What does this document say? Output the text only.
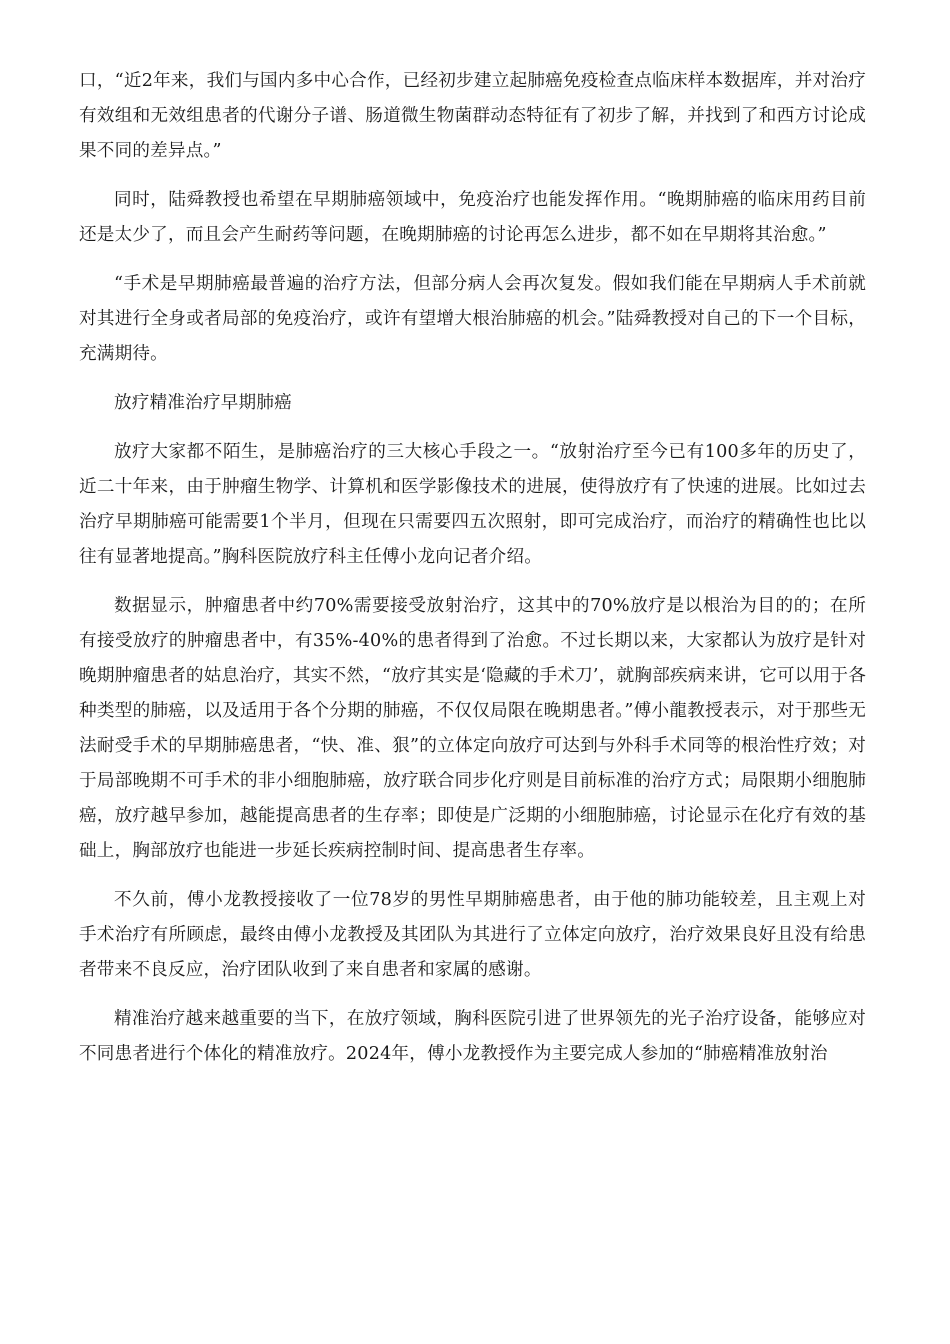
口，“近2年来，我们与国内多中心合作，已经初步建立起肺癌免疫检查点临床样本数据库，并对治疗有效组和无效组患者的代谢分子谱、肠道微生物菌群动态特征有了初步了解，并找到了和西方讨论成果不同的差异点。”

同时，陆舜教授也希望在早期肺癌领域中，免疫治疗也能发挥作用。“晚期肺癌的临床用药目前还是太少了，而且会产生耐药等问题，在晚期肺癌的讨论再怎么进步，都不如在早期将其治愈。”

“手术是早期肺癌最普遍的治疗方法，但部分病人会再次复发。假如我们能在早期病人手术前就对其进行全身或者局部的免疫治疗，或许有望增大根治肺癌的机会。”陆舜教授对自己的下一个目标，充满期待。

放疗精准治疗早期肺癌

放疗大家都不陌生，是肺癌治疗的三大核心手段之一。“放射治疗至今已有100多年的历史了，近二十年来，由于肿瘤生物学、计算机和医学影像技术的进展，使得放疗有了快速的进展。比如过去治疗早期肺癌可能需要1个半月，但现在只需要四五次照射，即可完成治疗，而治疗的精确性也比以往有显著地提高。”胸科医院放疗科主任傅小龙向记者介绍。

数据显示，肿瘤患者中约70%需要接受放射治疗，这其中的70%放疗是以根治为目的的；在所有接受放疗的肿瘤患者中，有35%-40%的患者得到了治愈。不过长期以来，大家都认为放疗是针对晚期肿瘤患者的姑息治疗，其实不然，“放疗其实是‘隐藏的手术刀’，就胸部疾病来讲，它可以用于各种类型的肺癌，以及适用于各个分期的肺癌，不仅仅局限在晚期患者。”傅小龍教授表示，对于那些无法耐受手术的早期肺癌患者，“快、准、狠”的立体定向放疗可达到与外科手术同等的根治性疗效；对于局部晚期不可手术的非小细胞肺癌，放疗联合同步化疗则是目前标准的治疗方式；局限期小细胞肺癌，放疗越早参加，越能提高患者的生存率；即使是广泛期的小细胞肺癌，讨论显示在化疗有效的基础上，胸部放疗也能进一步延长疾病控制时间、提高患者生存率。

不久前，傅小龙教授接收了一位78岁的男性早期肺癌患者，由于他的肺功能较差，且主观上对手术治疗有所顾虑，最终由傅小龙教授及其团队为其进行了立体定向放疗，治疗效果良好且没有给患者带来不良反应，治疗团队收到了来自患者和家属的感谢。

精准治疗越来越重要的当下，在放疗领域，胸科医院引进了世界领先的光子治疗设备，能够应对不同患者进行个体化的精准放疗。2024年，傅小龙教授作为主要完成人参加的“肺癌精准放射治
